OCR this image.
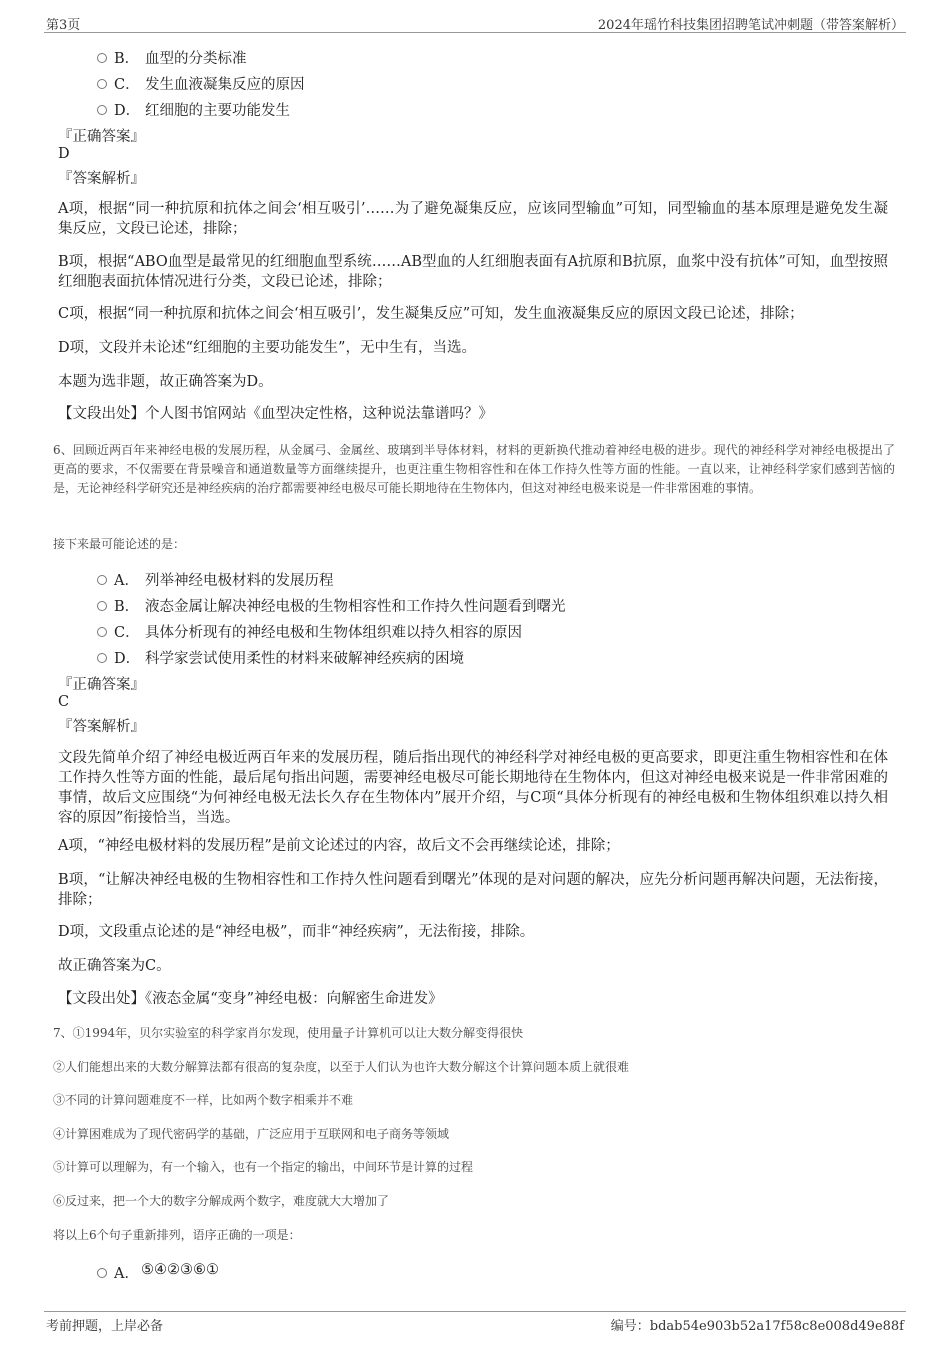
第3页	2024年瑶竹科技集团招聘笔试冲刺题（带答案解析）
B． 血型的分类标准
C． 发生血液凝集反应的原因
D． 红细胞的主要功能发生
『正确答案』
D
『答案解析』
A项，根据“同一种抗原和抗体之间会‘相互吸引’……为了避免凝集反应，应该同型输血”可知，同型输血的基本原理是避免发生凝集反应，文段已论述，排除；
B项，根据“ABO血型是最常见的红细胞血型系统……AB型血的人红细胞表面有A抗原和B抗原，血浆中没有抗体”可知，血型按照红细胞表面抗体情况进行分类，文段已论述，排除；
C项，根据“同一种抗原和抗体之间会‘相互吸引’，发生凝集反应”可知，发生血液凝集反应的原因文段已论述，排除；
D项，文段并未论述“红细胞的主要功能发生”，无中生有，当选。
本题为选非题，故正确答案为D。
【文段出处】个人图书馆网站《血型决定性格，这种说法靠谱吗？》
6、回顾近两百年来神经电极的发展历程，从金属弓、金属丝、玻璃到半导体材料，材料的更新换代推动着神经电极的进步。现代的神经科学对神经电极提出了更高的要求，不仅需要在背景噪音和通道数量等方面继续提升，也更注重生物相容性和在体工作持久性等方面的性能。一直以来，让神经科学家们感到苦恼的是，无论神经科学研究还是神经疾病的治疗都需要神经电极尽可能长期地待在生物体内，但这对神经电极来说是一件非常困难的事情。
接下来最可能论述的是：
A． 列举神经电极材料的发展历程
B． 液态金属让解决神经电极的生物相容性和工作持久性问题看到曙光
C． 具体分析现有的神经电极和生物体组织难以持久相容的原因
D． 科学家尝试使用柔性的材料来破解神经疾病的困境
『正确答案』
C
『答案解析』
文段先简单介绍了神经电极近两百年来的发展历程，随后指出现代的神经科学对神经电极的更高要求，即更注重生物相容性和在体工作持久性等方面的性能，最后尾句指出问题，需要神经电极尽可能长期地待在生物体内，但这对神经电极来说是一件非常困难的事情，故后文应围绕“为何神经电极无法长久存在生物体内”展开介绍，与C项“具体分析现有的神经电极和生物体组织难以持久相容的原因”衔接恰当，当选。
A项，“神经电极材料的发展历程”是前文论述过的内容，故后文不会再继续论述，排除；
B项，“让解决神经电极的生物相容性和工作持久性问题看到曙光”体现的是对问题的解决，应先分析问题再解决问题，无法衔接，排除；
D项，文段重点论述的是“神经电极”，而非“神经疾病”，无法衔接，排除。
故正确答案为C。
【文段出处】《液态金属“变身”神经电极：向解密生命进发》
7、①1994年，贝尔实验室的科学家肖尔发现，使用量子计算机可以让大数分解变得很快
②人们能想出来的大数分解算法都有很高的复杂度，以至于人们认为也许大数分解这个计算问题本质上就很难
③不同的计算问题难度不一样，比如两个数字相乘并不难
④计算困难成为了现代密码学的基础，广泛应用于互联网和电子商务等领域
⑤计算可以理解为，有一个输入，也有一个指定的输出，中间环节是计算的过程
⑥反过来，把一个大的数字分解成两个数字，难度就大大增加了
将以上6个句子重新排列，语序正确的一项是：
A． ⑤④②③⑥①
考前押题，上岸必备	编号：bdab54e903b52a17f58c8e008d49e88f
